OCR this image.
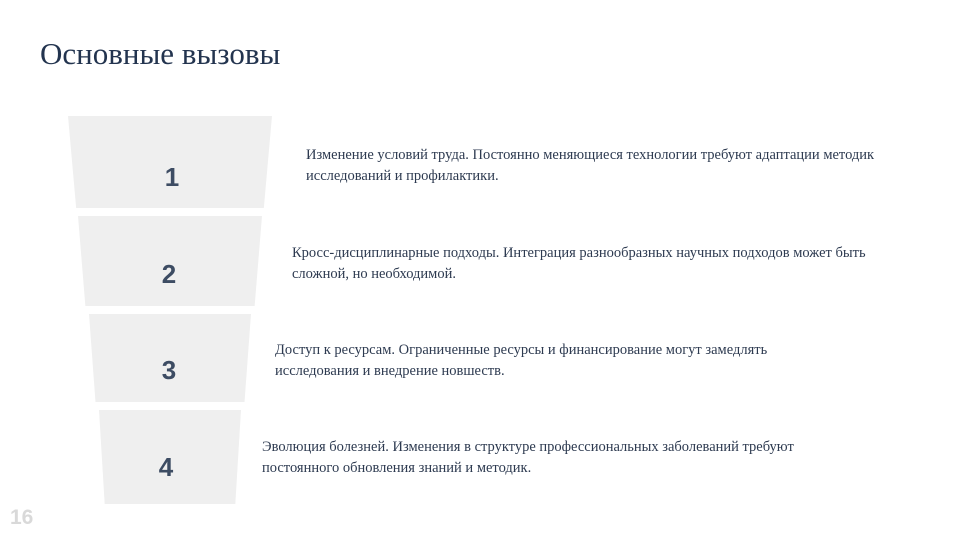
Основные вызовы
1
Изменение условий труда. Постоянно меняющиеся технологии требуют адаптации методик исследований и профилактики.
2
Кросс-дисциплинарные подходы. Интеграция разнообразных научных подходов может быть сложной, но необходимой.
3
Доступ к ресурсам. Ограниченные ресурсы и финансирование могут замедлять исследования и внедрение новшеств.
4
Эволюция болезней. Изменения в структуре профессиональных заболеваний требуют постоянного обновления знаний и методик.
16
